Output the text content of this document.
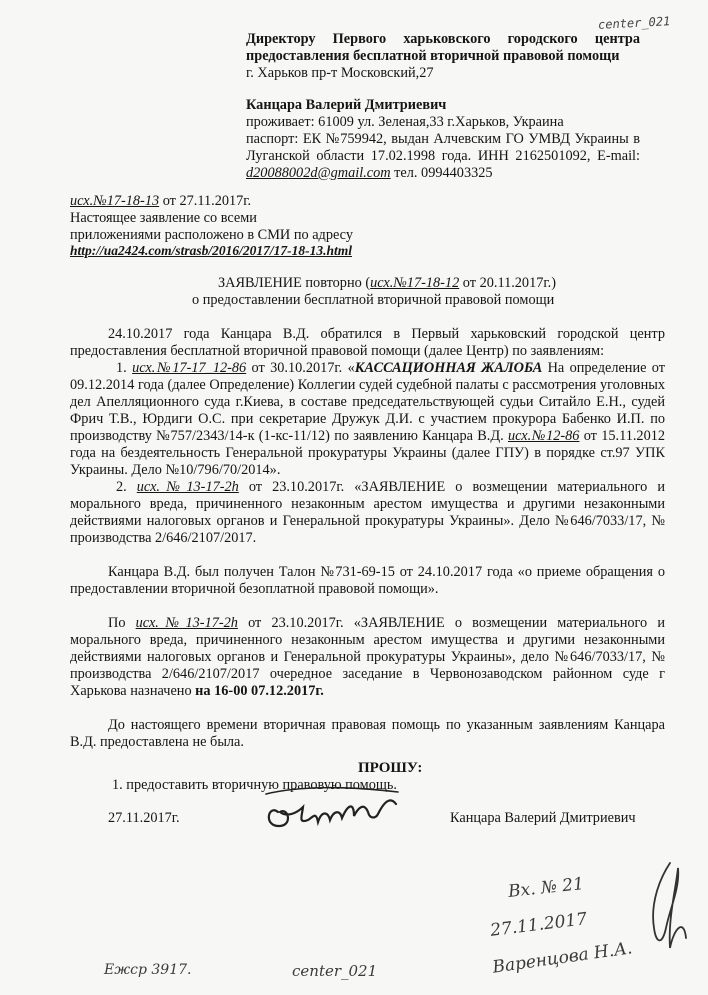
center_021
Директору Первого харьковского городского центра
предоставления бесплатной вторичной правовой помощи
г. Харьков пр-т Московский,27
Канцара Валерий Дмитриевич
проживает: 61009 ул. Зеленая,33 г.Харьков, Украина
паспорт: ЕК №759942, выдан Алчевским ГО УМВД Украины в
Луганской области 17.02.1998 года. ИНН 2162501092, E-mail:
d20088002d@gmail.com тел. 0994403325
исх.№17-18-13 от 27.11.2017г.
Настоящее заявление со всеми
приложениями расположено в СМИ по адресу
http://ua2424.com/strasb/2016/2017/17-18-13.html
ЗАЯВЛЕНИЕ повторно (исх.№17-18-12 от 20.11.2017г.)
о предоставлении бесплатной вторичной правовой помощи
24.10.2017 года Канцара В.Д. обратился в Первый харьковский городской центр
предоставления бесплатной вторичной правовой помощи (далее Центр) по заявлениям:
1. исх.№17-17_12-86 от 30.10.2017г. «КАССАЦИОННАЯ ЖАЛОБА На определение от
09.12.2014 года (далее Определение) Коллегии судей судебной палаты с рассмотрения уголовных
дел Апелляционного суда г.Киева, в составе председательствующей судьи Ситайло Е.Н., судей
Фрич Т.В., Юрдиги О.С. при секретарие Дружук Д.И. с участием прокурора Бабенко И.П. по
производству №757/2343/14-к (1-кс-11/12) по заявлению Канцара В.Д. исх.№12-86 от 15.11.2012
года на бездеятельность Генеральной прокуратуры Украины (далее ГПУ) в порядке ст.97 УПК
Украины. Дело №10/796/70/2014».
2. исх.№13-17-2h от 23.10.2017г. «ЗАЯВЛЕНИЕ о возмещении материального и
морального вреда, причиненного незаконным арестом имущества и другими незаконными
действиями налоговых органов и Генеральной прокуратуры Украины». Дело №646/7033/17, №
производства 2/646/2107/2017.
Канцара В.Д. был получен Талон №731-69-15 от 24.10.2017 года «о приеме обращения о
предоставлении вторичной безоплатной правовой помощи».
По исх.№13-17-2h от 23.10.2017г. «ЗАЯВЛЕНИЕ о возмещении материального и
морального вреда, причиненного незаконным арестом имущества и другими незаконными
действиями налоговых органов и Генеральной прокуратуры Украины», дело №646/7033/17, №
производства 2/646/2107/2017 очередное заседание в Червонозаводском районном суде г
Харькова назначено на 16-00 07.12.2017г.
До настоящего времени вторичная правовая помощь по указанным заявлениям Канцара
В.Д. предоставлена не была.
ПРОШУ:
1. предоставить вторичную правовую помощь.
27.11.2017г.	Канцара Валерий Дмитриевич
Вх. № 21
27.11.2017
Варенцова Н.А.
Ежср 3917.	center_021
